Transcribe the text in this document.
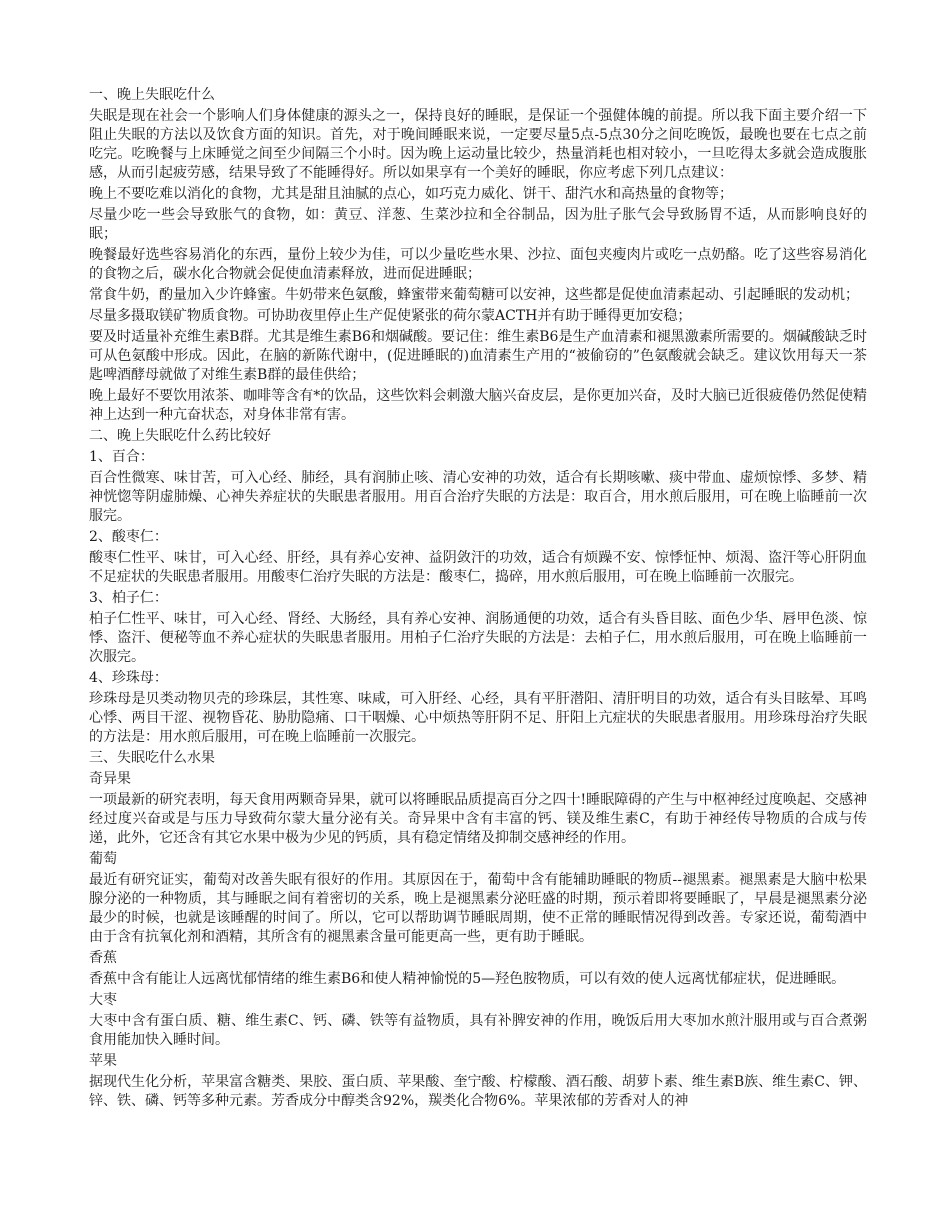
一、晚上失眠吃什么

失眠是现在社会一个影响人们身体健康的源头之一，保持良好的睡眠，是保证一个强健体魄的前提。所以我下面主要介绍一下阻止失眠的方法以及饮食方面的知识。首先，对于晚间睡眠来说，一定要尽量5点-5点30分之间吃晚饭，最晚也要在七点之前吃完。吃晚餐与上床睡觉之间至少间隔三个小时。因为晚上运动量比较少，热量消耗也相对较小，一旦吃得太多就会造成腹胀感，从而引起疲劳感，结果导致了不能睡得好。所以如果享有一个美好的睡眠，你应考虑下列几点建议：

晚上不要吃难以消化的食物，尤其是甜且油腻的点心，如巧克力威化、饼干、甜汽水和高热量的食物等；

尽量少吃一些会导致胀气的食物，如：黄豆、洋葱、生菜沙拉和全谷制品，因为肚子胀气会导致肠胃不适，从而影响良好的眠；

晚餐最好选些容易消化的东西，量份上较少为佳，可以少量吃些水果、沙拉、面包夹瘦肉片或吃一点奶酪。吃了这些容易消化的食物之后，碳水化合物就会促使血清素释放，进而促进睡眠；

常食牛奶，酌量加入少许蜂蜜。牛奶带来色氨酸，蜂蜜带来葡萄糖可以安神，这些都是促使血清素起动、引起睡眠的发动机；

尽量多摄取镁矿物质食物。可协助夜里停止生产促使紧张的荷尔蒙ACTH并有助于睡得更加安稳；

要及时适量补充维生素B群。尤其是维生素B6和烟碱酸。要记住：维生素B6是生产血清素和褪黑激素所需要的。烟碱酸缺乏时可从色氨酸中形成。因此，在脑的新陈代谢中，(促进睡眠的)血清素生产用的“被偷窃的”色氨酸就会缺乏。建议饮用每天一茶匙啤酒酵母就做了对维生素B群的最佳供给；

晚上最好不要饮用浓茶、咖啡等含有*的饮品，这些饮料会刺激大脑兴奋皮层，是你更加兴奋，及时大脑已近很疲倦仍然促使精神上达到一种亢奋状态，对身体非常有害。

二、晚上失眠吃什么药比较好

1、百合：

百合性微寒、味甘苦，可入心经、肺经，具有润肺止咳、清心安神的功效，适合有长期咳嗽、痰中带血、虚烦惊悸、多梦、精神恍惚等阴虚肺燥、心神失养症状的失眠患者服用。用百合治疗失眠的方法是：取百合，用水煎后服用，可在晚上临睡前一次服完。

2、酸枣仁：

酸枣仁性平、味甘，可入心经、肝经，具有养心安神、益阴敛汗的功效，适合有烦躁不安、惊悸怔忡、烦渴、盗汗等心肝阴血不足症状的失眠患者服用。用酸枣仁治疗失眠的方法是：酸枣仁，捣碎，用水煎后服用，可在晚上临睡前一次服完。

3、柏子仁：

柏子仁性平、味甘，可入心经、肾经、大肠经，具有养心安神、润肠通便的功效，适合有头昏目眩、面色少华、唇甲色淡、惊悸、盗汗、便秘等血不养心症状的失眠患者服用。用柏子仁治疗失眠的方法是：去柏子仁，用水煎后服用，可在晚上临睡前一次服完。

4、珍珠母：

珍珠母是贝类动物贝壳的珍珠层，其性寒、味咸，可入肝经、心经，具有平肝潜阳、清肝明目的功效，适合有头目眩晕、耳鸣心悸、两目干涩、视物昏花、胁肋隐痛、口干咽燥、心中烦热等肝阴不足、肝阳上亢症状的失眠患者服用。用珍珠母治疗失眠的方法是：用水煎后服用，可在晚上临睡前一次服完。

三、失眠吃什么水果

奇异果

一项最新的研究表明，每天食用两颗奇异果，就可以将睡眠品质提高百分之四十!睡眠障碍的产生与中枢神经过度唤起、交感神经过度兴奋或是与压力导致荷尔蒙大量分泌有关。奇异果中含有丰富的钙、镁及维生素C，有助于神经传导物质的合成与传递，此外，它还含有其它水果中极为少见的钙质，具有稳定情绪及抑制交感神经的作用。

葡萄

最近有研究证实，葡萄对改善失眠有很好的作用。其原因在于，葡萄中含有能辅助睡眠的物质--褪黑素。褪黑素是大脑中松果腺分泌的一种物质，其与睡眠之间有着密切的关系，晚上是褪黑素分泌旺盛的时期，预示着即将要睡眠了，早晨是褪黑素分泌最少的时候，也就是该睡醒的时间了。所以，它可以帮助调节睡眠周期，使不正常的睡眠情况得到改善。专家还说，葡萄酒中由于含有抗氧化剂和酒精，其所含有的褪黑素含量可能更高一些，更有助于睡眠。

香蕉

香蕉中含有能让人远离忧郁情绪的维生素B6和使人精神愉悦的5—羟色胺物质，可以有效的使人远离忧郁症状，促进睡眠。

大枣

大枣中含有蛋白质、糖、维生素C、钙、磷、铁等有益物质，具有补脾安神的作用，晚饭后用大枣加水煎汁服用或与百合煮粥食用能加快入睡时间。

苹果

据现代生化分析，苹果富含糖类、果胶、蛋白质、苹果酸、奎宁酸、柠檬酸、酒石酸、胡萝卜素、维生素B族、维生素C、钾、锌、铁、磷、钙等多种元素。芳香成分中醇类含92%，羰类化合物6%。苹果浓郁的芳香对人的神
